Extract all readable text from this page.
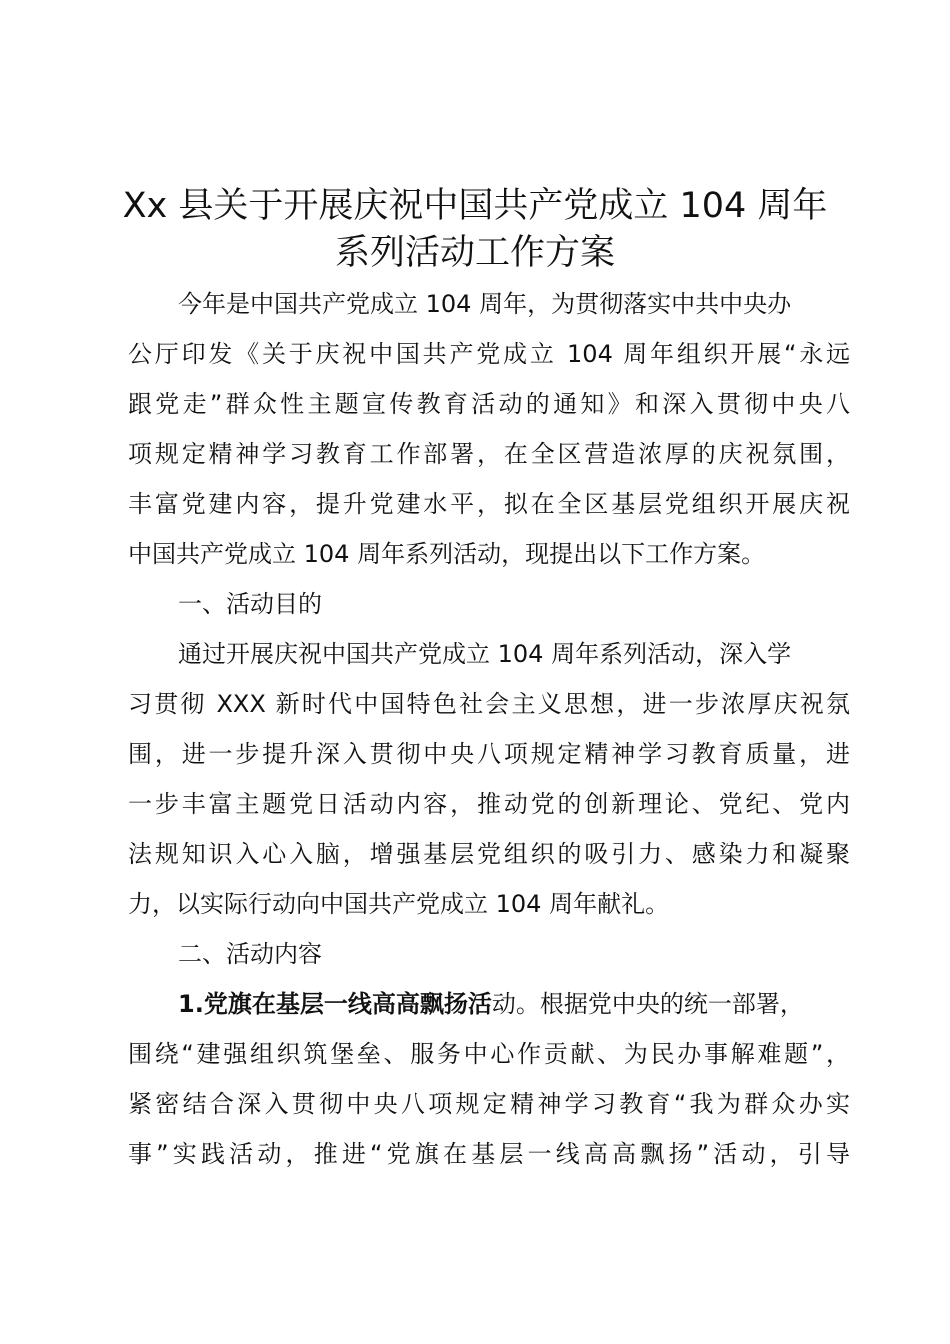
Xx 县关于开展庆祝中国共产党成立 104 周年
系列活动工作方案

今年是中国共产党成立 104 周年，为贯彻落实中共中央办

公厅印发《关于庆祝中国共产党成立 104 周年组织开展“永远

跟党走”群众性主题宣传教育活动的通知》和深入贯彻中央八

项规定精神学习教育工作部署，在全区营造浓厚的庆祝氛围，

丰富党建内容，提升党建水平，拟在全区基层党组织开展庆祝

中国共产党成立 104 周年系列活动，现提出以下工作方案。

一、活动目的

通过开展庆祝中国共产党成立 104 周年系列活动，深入学

习贯彻 XXX 新时代中国特色社会主义思想，进一步浓厚庆祝氛

围，进一步提升深入贯彻中央八项规定精神学习教育质量，进

一步丰富主题党日活动内容，推动党的创新理论、党纪、党内

法规知识入心入脑，增强基层党组织的吸引力、感染力和凝聚

力，以实际行动向中国共产党成立 104 周年献礼。

二、活动内容

1.党旗在基层一线高高飘扬活动。根据党中央的统一部署，

围绕“建强组织筑堡垒、服务中心作贡献、为民办事解难题”，

紧密结合深入贯彻中央八项规定精神学习教育“我为群众办实

事”实践活动，推进“党旗在基层一线高高飘扬”活动，引导
